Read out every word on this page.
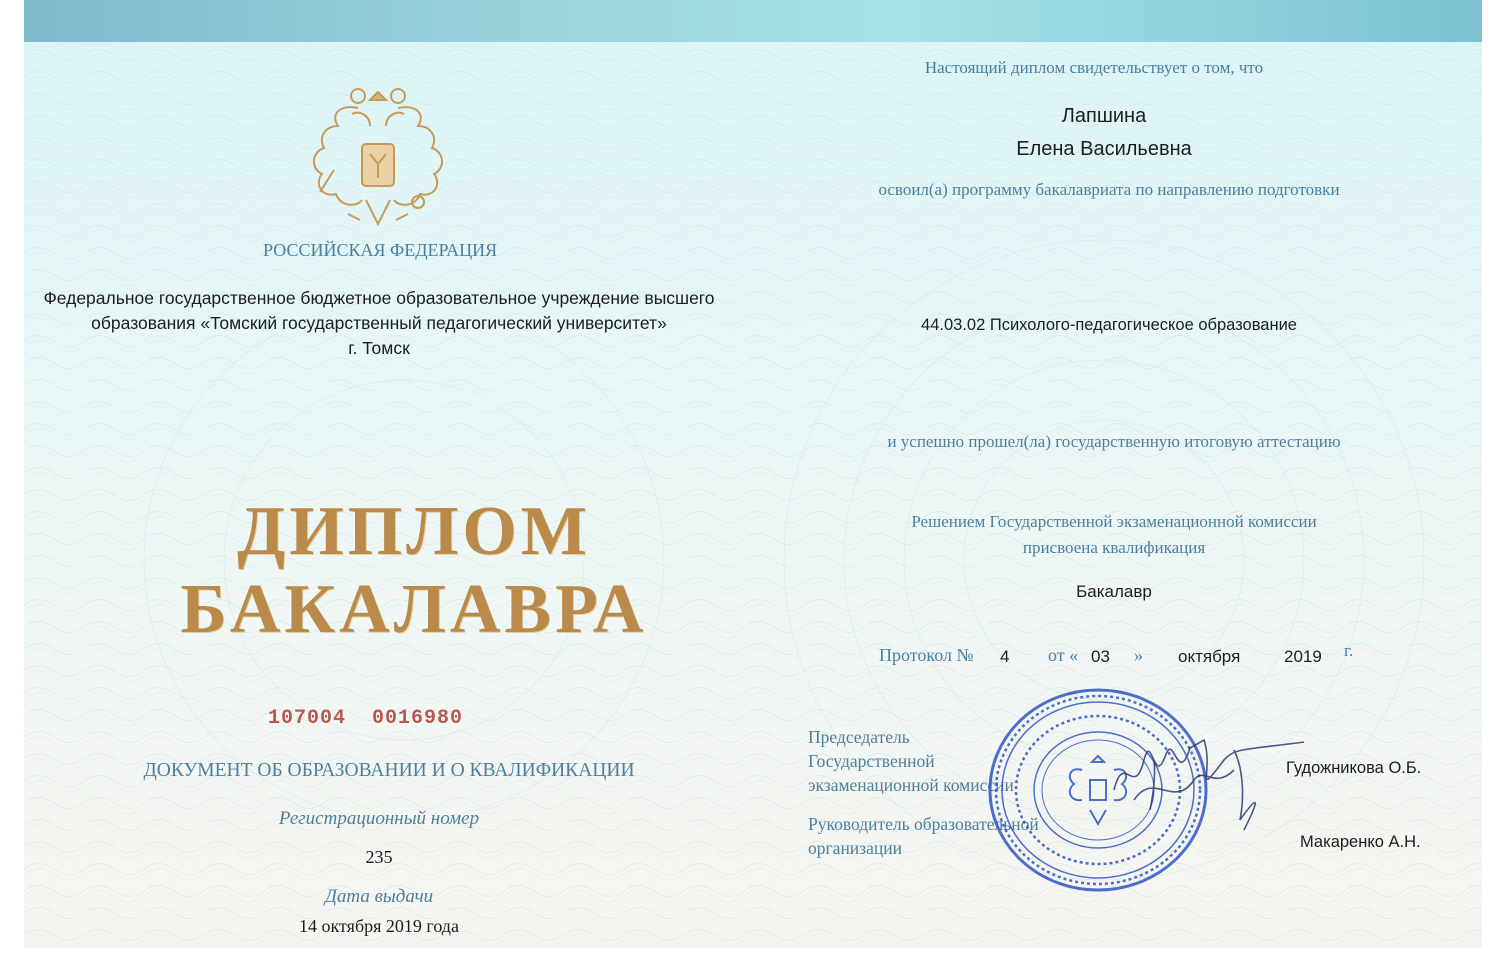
РОССИЙСКАЯ ФЕДЕРАЦИЯ

Федеральное государственное бюджетное образовательное учреждение высшего

образования «Томский государственный педагогический университет»

г. Томск

ДИПЛОМ

БАКАЛАВРА

107004  0016980

ДОКУМЕНТ ОБ ОБРАЗОВАНИИ И О КВАЛИФИКАЦИИ

Регистрационный номер

235

Дата выдачи

14 октября 2019 года

Настоящий диплом свидетельствует о том, что

Лапшина

Елена Васильевна

освоил(а) программу бакалавриата по направлению подготовки

44.03.02 Психолого-педагогическое образование

и успешно прошел(ла) государственную итоговую аттестацию

Решением Государственной экзаменационной комиссии

присвоена квалификация

Бакалавр

Протокол № 4 от « 03 » октября	2019 г.

Председатель

Государственной

экзаменационной комиссии

Гудожникова О.Б.

Руководитель образовательной

организации	Макаренко А.Н.
